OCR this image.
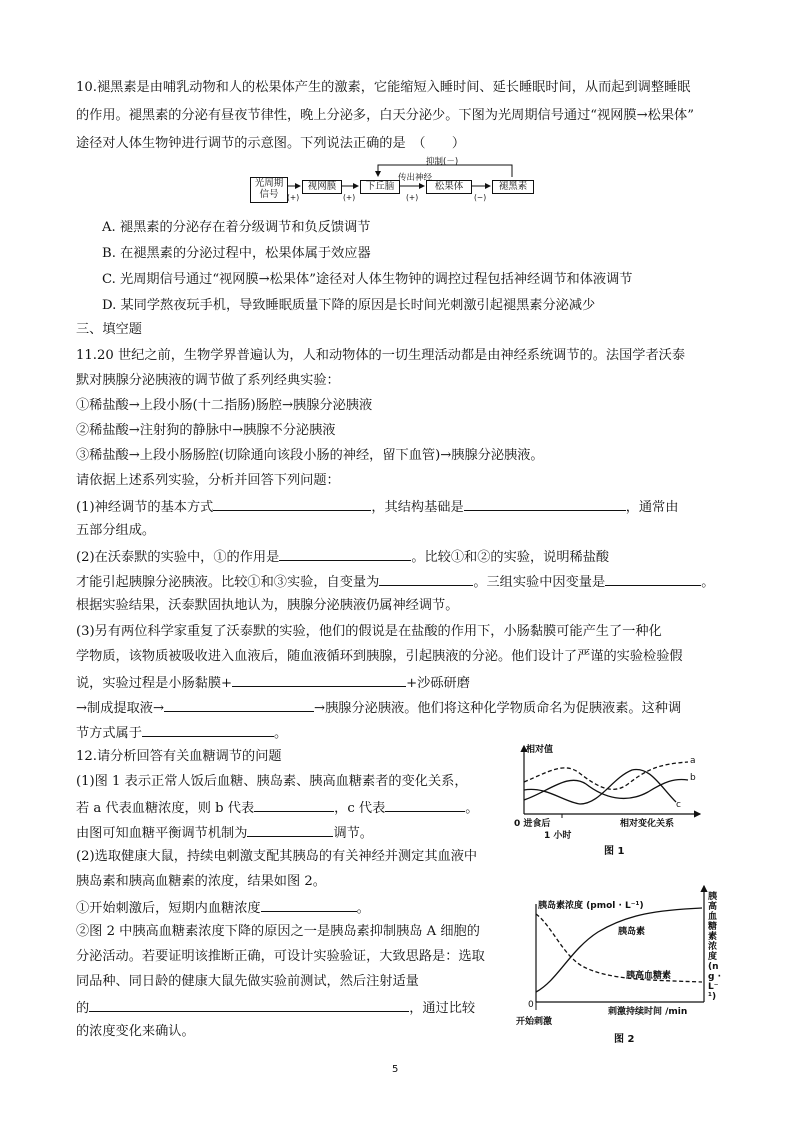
10.褪黑素是由哺乳动物和人的松果体产生的激素，它能缩短入睡时间、延长睡眠时间，从而起到调整睡眠
的作用。褪黑素的分泌有昼夜节律性，晚上分泌多，白天分泌少。下图为光周期信号通过“视网膜→松果体”
途径对人体生物钟进行调节的示意图。下列说法正确的是　（　　）
光周期信号
视网膜	下丘脑	松果体	褪黑素
抑制(－)
传出神经
(+)	(+)	(+)	(−)
A. 褪黑素的分泌存在着分级调节和负反馈调节
B. 在褪黑素的分泌过程中，松果体属于效应器
C. 光周期信号通过“视网膜→松果体”途径对人体生物钟的调控过程包括神经调节和体液调节
D. 某同学熬夜玩手机，导致睡眠质量下降的原因是长时间光刺激引起褪黑素分泌减少
三、填空题
11.20 世纪之前，生物学界普遍认为，人和动物体的一切生理活动都是由神经系统调节的。法国学者沃泰
默对胰腺分泌胰液的调节做了系列经典实验：
①稀盐酸→上段小肠(十二指肠)肠腔→胰腺分泌胰液
②稀盐酸→注射狗的静脉中→胰腺不分泌胰液
③稀盐酸→上段小肠肠腔(切除通向该段小肠的神经，留下血管)→胰腺分泌胰液。
请依据上述系列实验，分析并回答下列问题：
(1)神经调节的基本方式	，其结构基础是	，通常由
五部分组成。
(2)在沃泰默的实验中，①的作用是	。比较①和②的实验，说明稀盐酸
才能引起胰腺分泌胰液。比较①和③实验，自变量为	。三组实验中因变量是	。
根据实验结果，沃泰默固执地认为，胰腺分泌胰液仍属神经调节。
(3)另有两位科学家重复了沃泰默的实验，他们的假说是在盐酸的作用下，小肠黏膜可能产生了一种化
学物质，该物质被吸收进入血液后，随血液循环到胰腺，引起胰液的分泌。他们设计了严谨的实验检验假
说，实验过程是小肠黏膜+	+沙砾研磨
→制成提取液→	→胰腺分泌胰液。他们将这种化学物质命名为促胰液素。这种调
节方式属于	。
12.请分析回答有关血糖调节的问题
(1)图 1 表示正常人饭后血糖、胰岛素、胰高血糖素者的变化关系，
若 a 代表血糖浓度，则 b 代表	，c 代表	。
由图可知血糖平衡调节机制为	调节。
(2)选取健康大鼠，持续电刺激支配其胰岛的有关神经并测定其血液中
胰岛素和胰高血糖素的浓度，结果如图 2。
①开始刺激后，短期内血糖浓度	。
②图 2 中胰高血糖素浓度下降的原因之一是胰岛素抑制胰岛 A 细胞的
分泌活动。若要证明该推断正确，可设计实验验证，大致思路是：选取
同品种、同日龄的健康大鼠先做实验前测试，然后注射适量
的	，通过比较
的浓度变化来确认。
相对值
a
b
c
0 进食后
1 小时
相对变化关系
图 1
胰岛素浓度 (pmol · L⁻¹)
胰高血糖素浓度 (ng · L⁻¹)
胰岛素
胰高血糖素
0
刺激持续时间 /min
开始刺激
图 2
5
